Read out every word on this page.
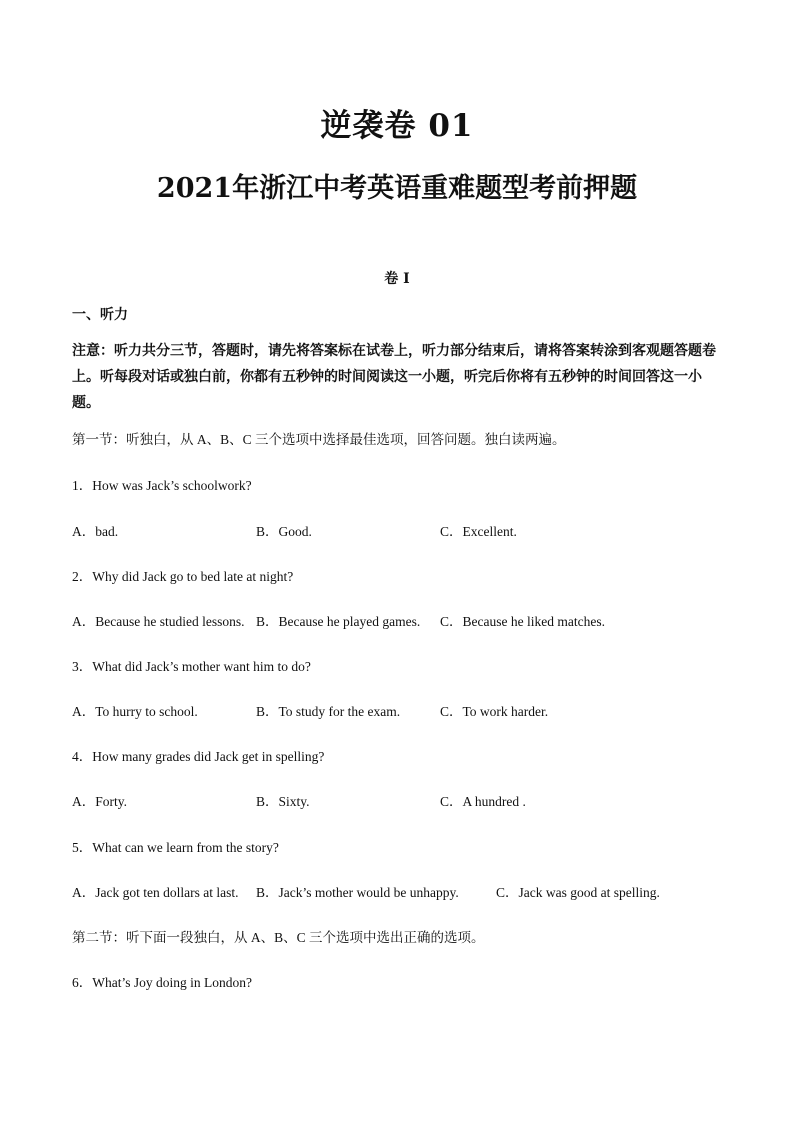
逆袭卷 01
2021年浙江中考英语重难题型考前押题
卷 I
一、听力
注意：听力共分三节，答题时，请先将答案标在试卷上，听力部分结束后，请将答案转涂到客观题答题卷上。听每段对话或独白前，你都有五秒钟的时间阅读这一小题，听完后你将有五秒钟的时间回答这一小题。
第一节：听独白，从 A、B、C 三个选项中选择最佳选项，回答问题。独白读两遍。
1．How was Jack’s schoolwork?
A．bad.	B．Good.	C．Excellent.
2．Why did Jack go to bed late at night?
A．Because he studied lessons. B．Because he played games. C．Because he liked matches.
3．What did Jack’s mother want him to do?
A．To hurry to school.	B．To study for the exam.	C．To work harder.
4．How many grades did Jack get in spelling?
A．Forty.	B．Sixty.	C．A hundred .
5．What can we learn from the story?
A．Jack got ten dollars at last. B．Jack’s mother would be unhappy.	C．Jack was good at spelling.
第二节：听下面一段独白，从 A、B、C 三个选项中选出正确的选项。
6．What’s Joy doing in London?
